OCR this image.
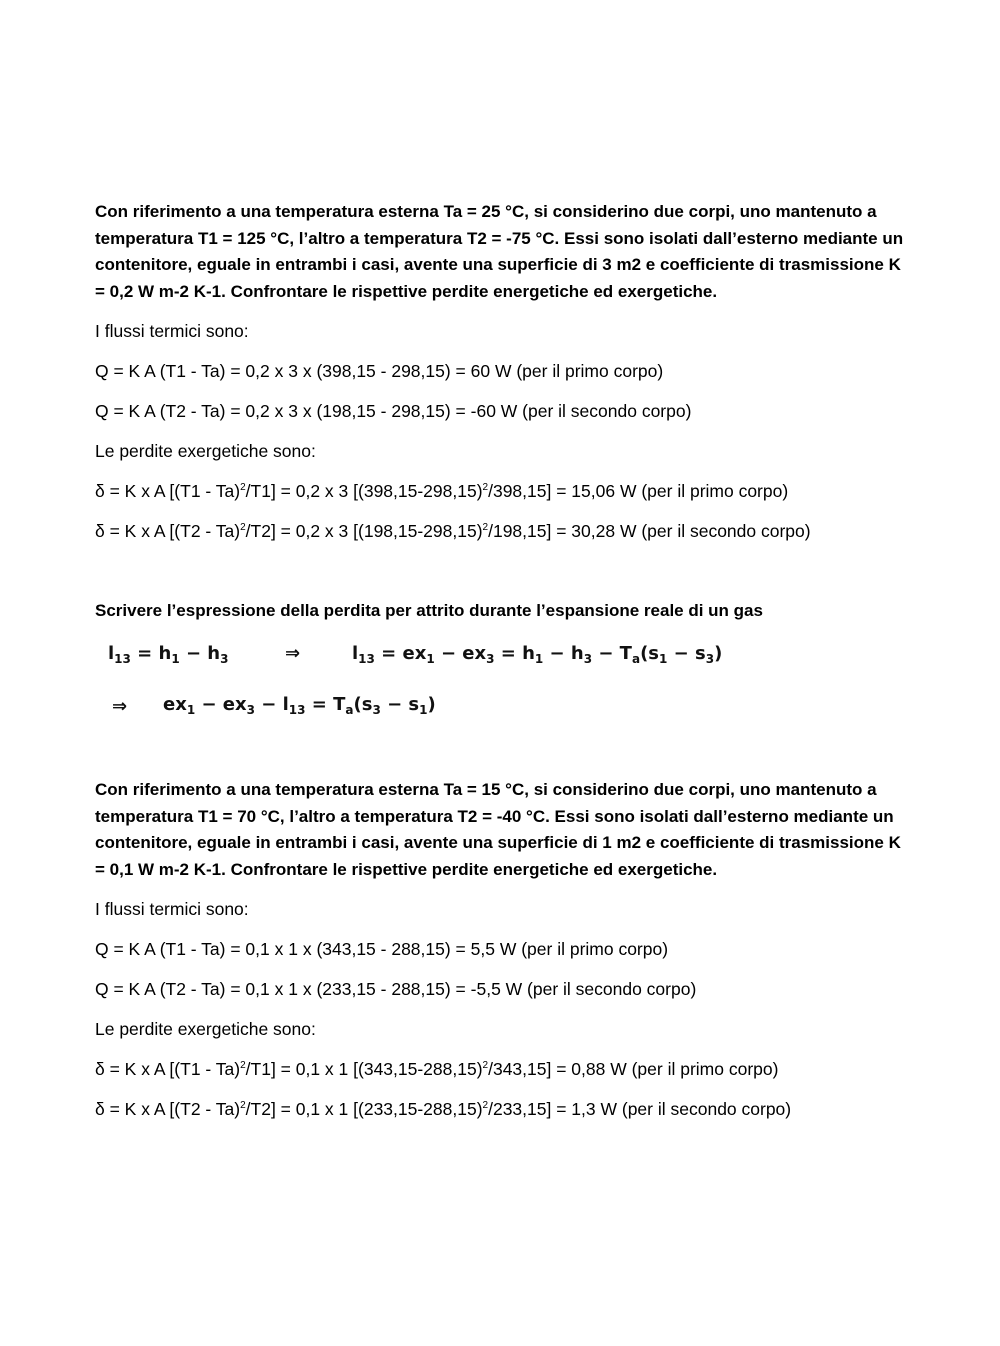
Con riferimento a una temperatura esterna Ta = 25 °C, si considerino due corpi, uno mantenuto a temperatura T1 = 125 °C, l’altro a temperatura T2 = -75 °C. Essi sono isolati dall’esterno mediante un contenitore, eguale in entrambi i casi, avente una superficie di 3 m2 e coefficiente di trasmissione K = 0,2 W m-2 K-1. Confrontare le rispettive perdite energetiche ed exergetiche.

I flussi termici sono:
Q = K A (T1 - Ta) = 0,2 x 3 x (398,15 - 298,15) = 60 W (per il primo corpo)
Q = K A (T2 - Ta) = 0,2 x 3 x (198,15 - 298,15) = -60 W (per il secondo corpo)
Le perdite exergetiche sono:
δ = K x A [(T1 - Ta)$^2$/T1] = 0,2 x 3 $[(398,15-298,15)^2/398,15] = 15,06$ W (per il primo corpo)
δ = K x A [(T2 - Ta)$^2$/T2] = 0,2 x 3 $[(198,15-298,15)^2/198,15] = 30,28$ W (per il secondo corpo)

Scrivere l’espressione della perdita per attrito durante l’espansione reale di un gas

$l_{13} = h_1 - h_3$	⇒	$l_{13} = ex_1 - ex_3 = h_1 - h_3 - T_a(s_1 - s_3)$
⇒ $ex_1 - ex_3 - l_{13} = T_a(s_3 - s_1)$

Con riferimento a una temperatura esterna Ta = 15 °C, si considerino due corpi, uno mantenuto a temperatura T1 = 70 °C, l’altro a temperatura T2 = -40 °C. Essi sono isolati dall’esterno mediante un contenitore, eguale in entrambi i casi, avente una superficie di 1 m2 e coefficiente di trasmissione K = 0,1 W m-2 K-1. Confrontare le rispettive perdite energetiche ed exergetiche.

I flussi termici sono:
Q = K A (T1 - Ta) = 0,1 x 1 x (343,15 - 288,15) = 5,5 W (per il primo corpo)
Q = K A (T2 - Ta) = 0,1 x 1 x (233,15 - 288,15) = -5,5 W (per il secondo corpo)
Le perdite exergetiche sono:
δ = K x A [(T1 - Ta)$^2$/T1] = 0,1 x 1 $[(343,15-288,15)^2/343,15] = 0,88$ W (per il primo corpo)
δ = K x A [(T2 - Ta)$^2$/T2] = 0,1 x 1 $[(233,15-288,15)^2/233,15] = 1,3$ W (per il secondo corpo)
